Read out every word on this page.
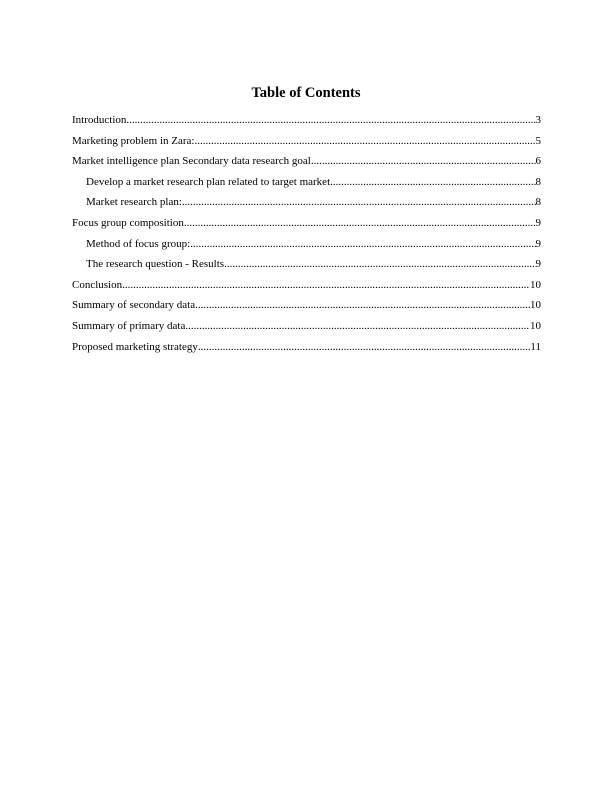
Table of Contents
Introduction .....	3
Marketing problem in Zara: .....	5
Market intelligence plan Secondary data research goal .....	6
Develop a market research plan related to target market .....	8
Market research plan: .....	8
Focus group composition .....	9
Method of focus group: .....	9
The research question - Results .....	9
Conclusion .....	10
Summary of secondary data .....	10
Summary of primary data .....	10
Proposed marketing strategy .....	11
